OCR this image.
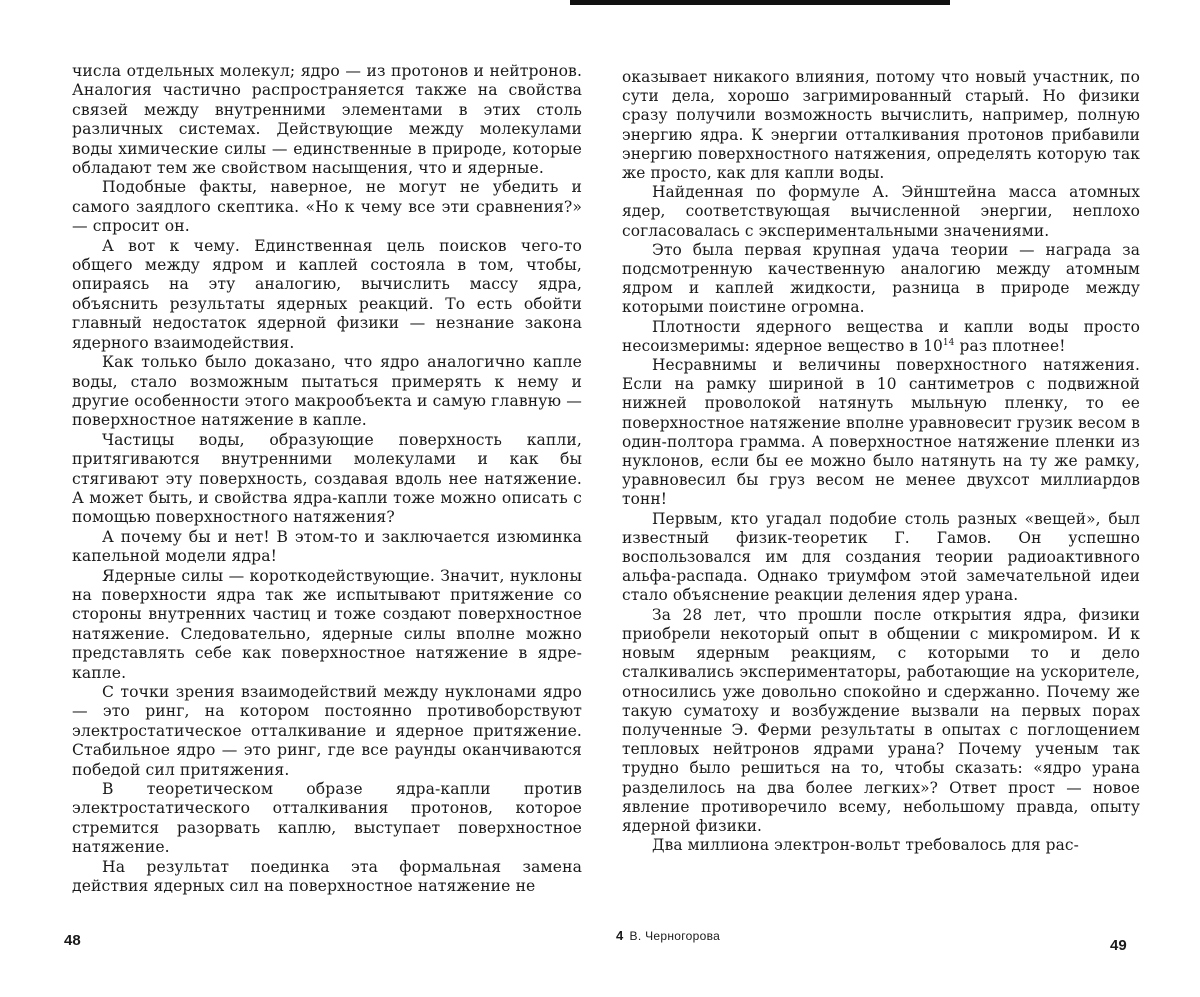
числа отдельных молекул; ядро — из протонов и нейтронов. Аналогия частично распространяется также на свойства связей между внутренними элементами в этих столь различных системах. Действующие между молекулами воды химические силы — единственные в природе, которые обладают тем же свойством насыщения, что и ядерные.

Подобные факты, наверное, не могут не убедить и самого заядлого скептика. «Но к чему все эти сравнения?» — спросит он.

А вот к чему. Единственная цель поисков чего-то общего между ядром и каплей состояла в том, чтобы, опираясь на эту аналогию, вычислить массу ядра, объяснить результаты ядерных реакций. То есть обойти главный недостаток ядерной физики — незнание закона ядерного взаимодействия.

Как только было доказано, что ядро аналогично капле воды, стало возможным пытаться примерять к нему и другие особенности этого макрообъекта и самую главную — поверхностное натяжение в капле.

Частицы воды, образующие поверхность капли, притягиваются внутренними молекулами и как бы стягивают эту поверхность, создавая вдоль нее натяжение. А может быть, и свойства ядра-капли тоже можно описать с помощью поверхностного натяжения?

А почему бы и нет! В этом-то и заключается изюминка капельной модели ядра!

Ядерные силы — короткодействующие. Значит, нуклоны на поверхности ядра так же испытывают притяжение со стороны внутренних частиц и тоже создают поверхностное натяжение. Следовательно, ядерные силы вполне можно представлять себе как поверхностное натяжение в ядре-капле.

С точки зрения взаимодействий между нуклонами ядро — это ринг, на котором постоянно противоборствуют электростатическое отталкивание и ядерное притяжение. Стабильное ядро — это ринг, где все раунды оканчиваются победой сил притяжения.

В теоретическом образе ядра-капли против электростатического отталкивания протонов, которое стремится разорвать каплю, выступает поверхностное натяжение.

На результат поединка эта формальная замена действия ядерных сил на поверхностное натяжение не

оказывает никакого влияния, потому что новый участник, по сути дела, хорошо загримированный старый. Но физики сразу получили возможность вычислить, например, полную энергию ядра. К энергии отталкивания протонов прибавили энергию поверхностного натяжения, определять которую так же просто, как для капли воды.

Найденная по формуле А. Эйнштейна масса атомных ядер, соответствующая вычисленной энергии, неплохо согласовалась с экспериментальными значениями.

Это была первая крупная удача теории — награда за подсмотренную качественную аналогию между атомным ядром и каплей жидкости, разница в природе между которыми поистине огромна.

Плотности ядерного вещества и капли воды просто несоизмеримы: ядерное вещество в $10^{14}$ раз плотнее!

Несравнимы и величины поверхностного натяжения. Если на рамку шириной в 10 сантиметров с подвижной нижней проволокой натянуть мыльную пленку, то ее поверхностное натяжение вполне уравновесит грузик весом в один-полтора грамма. А поверхностное натяжение пленки из нуклонов, если бы ее можно было натянуть на ту же рамку, уравновесил бы груз весом не менее двухсот миллиардов тонн!

Первым, кто угадал подобие столь разных «вещей», был известный физик-теоретик Г. Гамов. Он успешно воспользовался им для создания теории радиоактивного альфа-распада. Однако триумфом этой замечательной идеи стало объяснение реакции деления ядер урана.

За 28 лет, что прошли после открытия ядра, физики приобрели некоторый опыт в общении с микромиром. И к новым ядерным реакциям, с которыми то и дело сталкивались экспериментаторы, работающие на ускорителе, относились уже довольно спокойно и сдержанно. Почему же такую суматоху и возбуждение вызвали на первых порах полученные Э. Ферми результаты в опытах с поглощением тепловых нейтронов ядрами урана? Почему ученым так трудно было решиться на то, чтобы сказать: «ядро урана разделилось на два более легких»? Ответ прост — новое явление противоречило всему, небольшому правда, опыту ядерной физики.

Два миллиона электрон-вольт требовалось для рас-

48	4 В. Черногорова
49
